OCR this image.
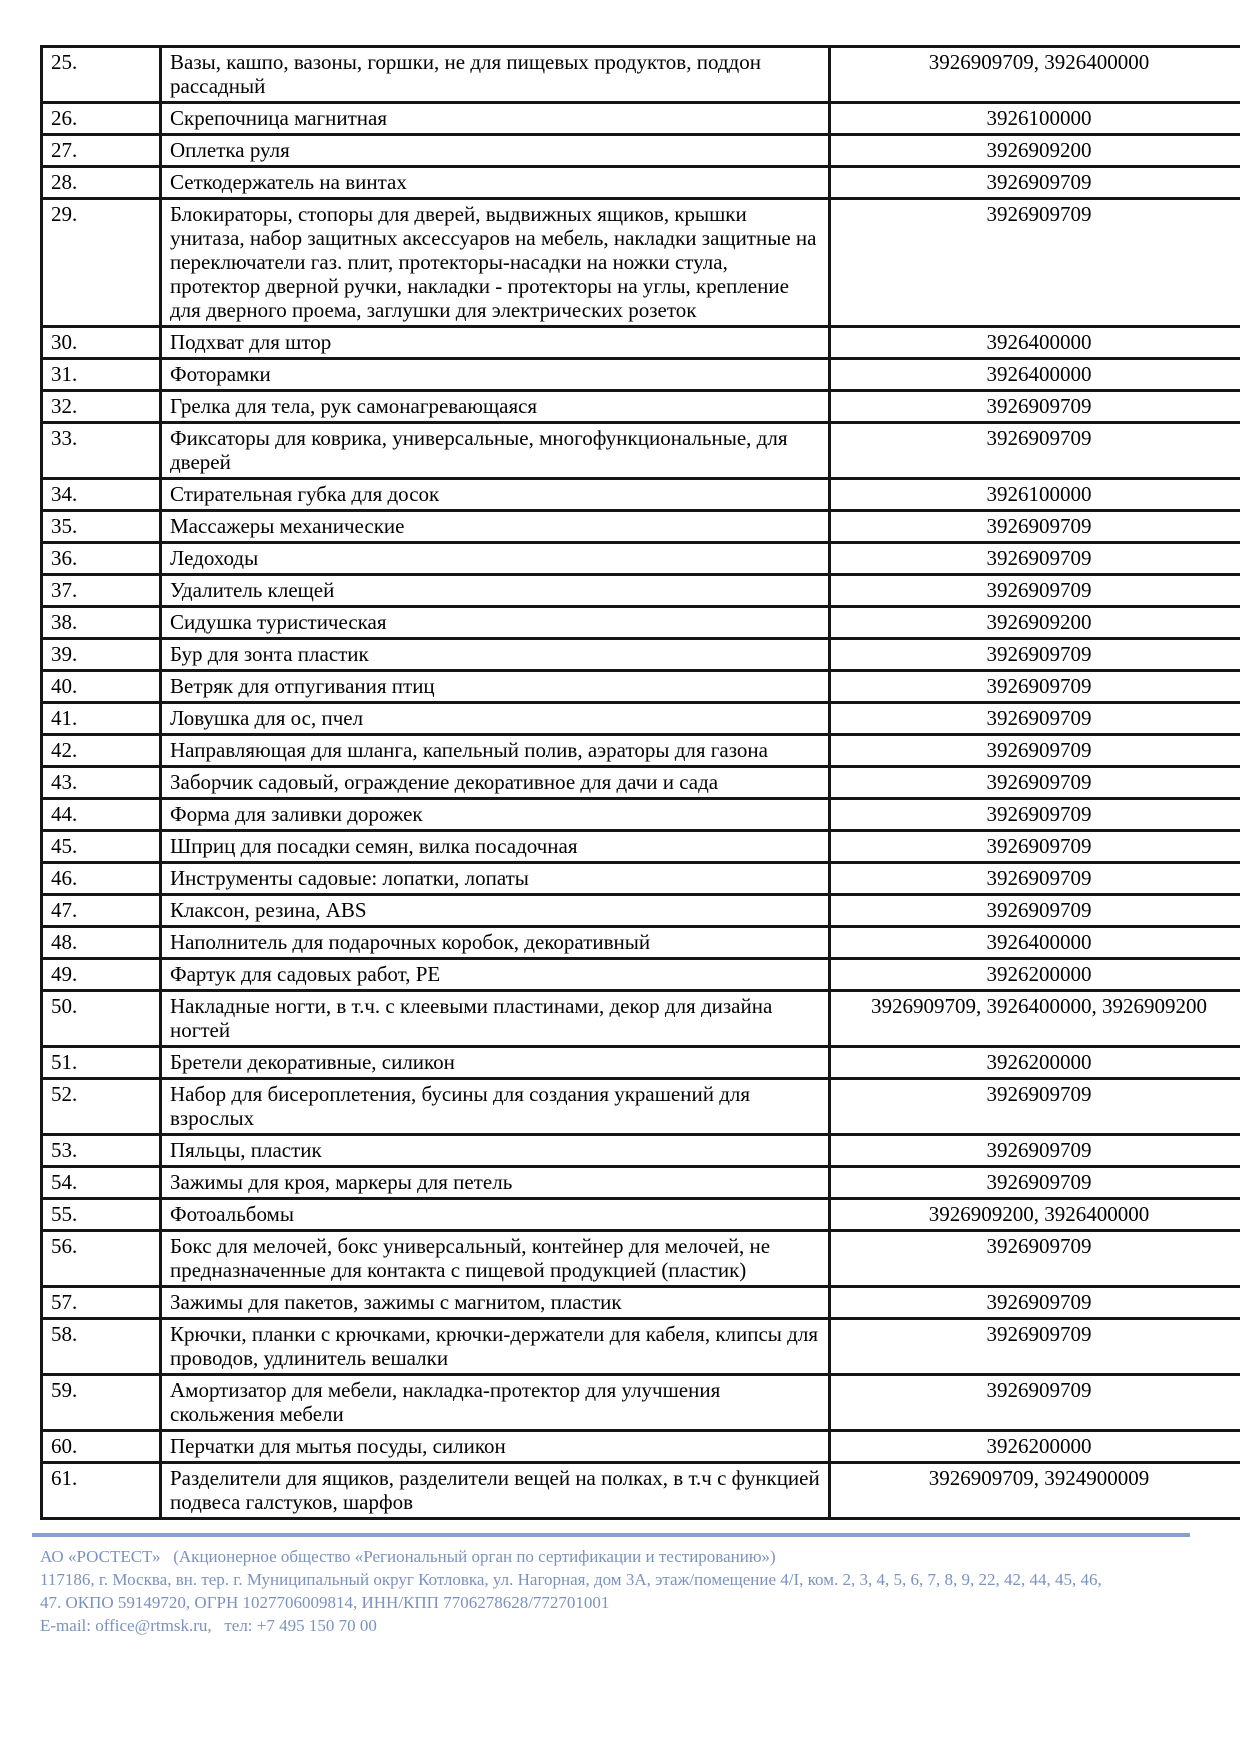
25.	Вазы, кашпо, вазоны, горшки, не для пищевых продуктов, поддон рассадный	3926909709, 3926400000
26.	Скрепочница магнитная	3926100000
27.	Оплетка руля	3926909200
28.	Сеткодержатель на винтах	3926909709
29.	Блокираторы, стопоры для дверей, выдвижных ящиков, крышки унитаза, набор защитных аксессуаров на мебель, накладки защитные на переключатели газ. плит, протекторы-насадки на ножки стула, протектор дверной ручки, накладки - протекторы на углы, крепление для дверного проема, заглушки для электрических розеток	3926909709
30.	Подхват для штор	3926400000
31.	Фоторамки	3926400000
32.	Грелка для тела, рук самонагревающаяся	3926909709
33.	Фиксаторы для коврика, универсальные, многофункциональные, для дверей	3926909709
34.	Стирательная губка для досок	3926100000
35.	Массажеры механические	3926909709
36.	Ледоходы	3926909709
37.	Удалитель клещей	3926909709
38.	Сидушка туристическая	3926909200
39.	Бур для зонта пластик	3926909709
40.	Ветряк для отпугивания птиц	3926909709
41.	Ловушка для ос, пчел	3926909709
42.	Направляющая для шланга, капельный полив, аэраторы для газона	3926909709
43.	Заборчик садовый, ограждение декоративное для дачи и сада	3926909709
44.	Форма для заливки дорожек	3926909709
45.	Шприц для посадки семян, вилка посадочная	3926909709
46.	Инструменты садовые: лопатки, лопаты	3926909709
47.	Клаксон, резина, ABS	3926909709
48.	Наполнитель для подарочных коробок, декоративный	3926400000
49.	Фартук для садовых работ, PE	3926200000
50.	Накладные ногти, в т.ч. с клеевыми пластинами, декор для дизайна ногтей	3926909709, 3926400000, 3926909200
51.	Бретели декоративные, силикон	3926200000
52.	Набор для бисероплетения, бусины для создания украшений для взрослых	3926909709
53.	Пяльцы, пластик	3926909709
54.	Зажимы для кроя, маркеры для петель	3926909709
55.	Фотоальбомы	3926909200, 3926400000
56.	Бокс для мелочей, бокс универсальный, контейнер для мелочей, не предназначенные для контакта с пищевой продукцией (пластик)	3926909709
57.	Зажимы для пакетов, зажимы с магнитом, пластик	3926909709
58.	Крючки, планки с крючками, крючки-держатели для кабеля, клипсы для проводов, удлинитель вешалки	3926909709
59.	Амортизатор для мебели, накладка-протектор для улучшения скольжения мебели	3926909709
60.	Перчатки для мытья посуды, силикон	3926200000
61.	Разделители для ящиков, разделители вещей на полках, в т.ч с функцией подвеса галстуков, шарфов	3926909709, 3924900009
АО «РОСТЕСТ»   (Акционерное общество «Региональный орган по сертификации и тестированию»)
117186, г. Москва, вн. тер. г. Муниципальный округ Котловка, ул. Нагорная, дом 3А, этаж/помещение 4/I, ком. 2, 3, 4, 5, 6, 7, 8, 9, 22, 42, 44, 45, 46,
47. ОКПО 59149720, ОГРН 1027706009814, ИНН/КПП 7706278628/772701001
E-mail: office@rtmsk.ru,   тел: +7 495 150 70 00
